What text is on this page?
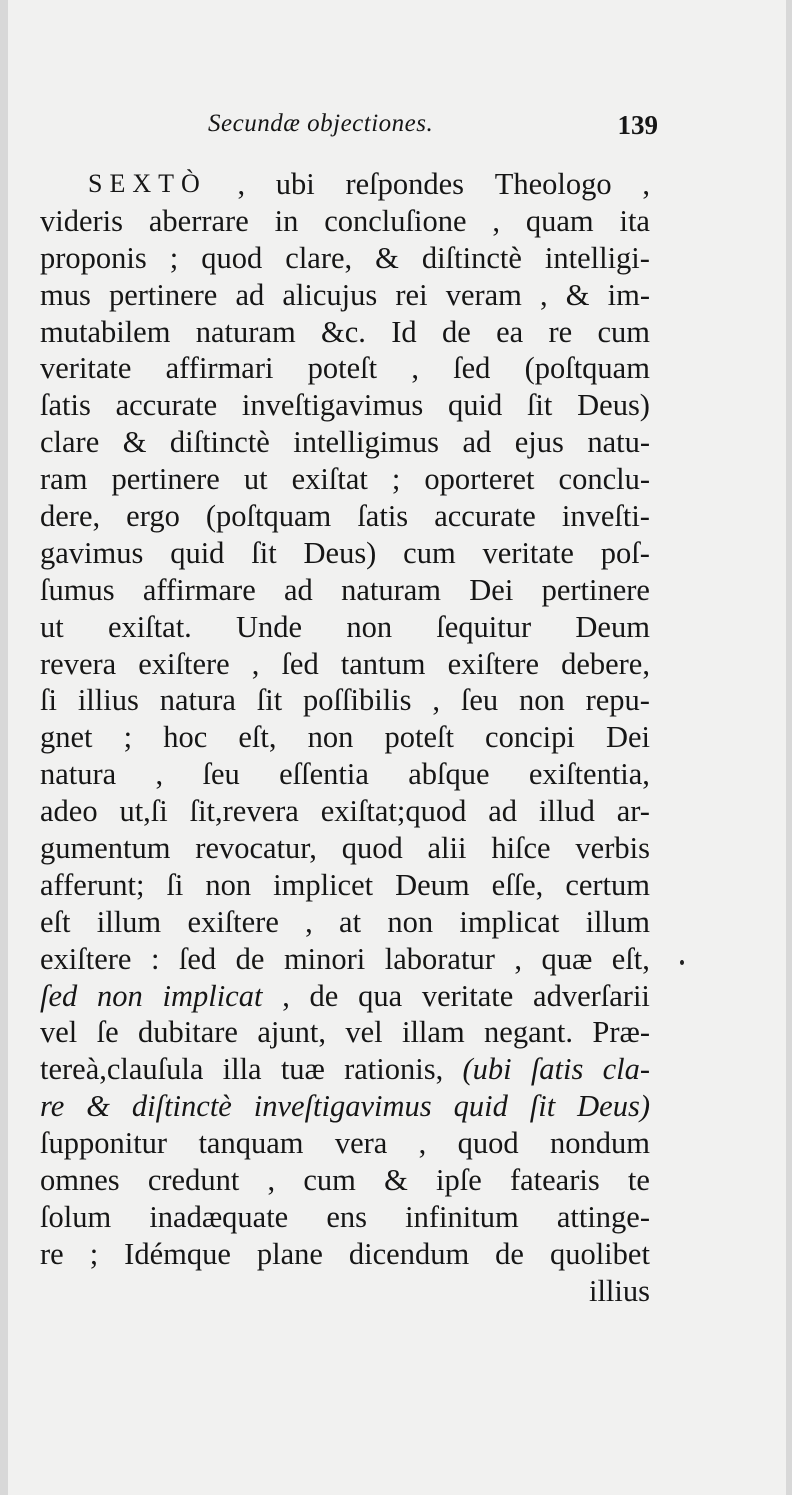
Secundæ objectiones.	139
SEXTÒ , ubi reſpondes Theologo ,
videris aberrare in concluſione , quam ita
proponis ; quod clare, & diſtinctè intelligi-
mus pertinere ad alicujus rei veram , & im-
mutabilem naturam &c. Id de ea re cum
veritate affirmari poteſt , ſed (poſtquam
ſatis accurate inveſtigavimus quid ſit Deus)
clare & diſtinctè intelligimus ad ejus natu-
ram pertinere ut exiſtat ; oporteret conclu-
dere, ergo (poſtquam ſatis accurate inveſti-
gavimus quid ſit Deus) cum veritate poſ-
ſumus affirmare ad naturam Dei pertinere
ut exiſtat. Unde non ſequitur Deum
revera exiſtere , ſed tantum exiſtere debere,
ſi illius natura ſit poſſibilis , ſeu non repu-
gnet ; hoc eſt, non poteſt concipi Dei
natura , ſeu eſſentia abſque exiſtentia,
adeo ut,ſi ſit,revera exiſtat;quod ad illud ar-
gumentum revocatur, quod alii hiſce verbis
afferunt; ſi non implicet Deum eſſe, certum
eſt illum exiſtere , at non implicat illum
exiſtere : ſed de minori laboratur , quæ eſt,
ſed non implicat , de qua veritate adverſarii
vel ſe dubitare ajunt, vel illam negant. Præ-
tereà,clauſula illa tuæ rationis, (ubi ſatis cla-
re & diſtinctè inveſtigavimus quid ſit Deus)
ſupponitur tanquam vera , quod nondum
omnes credunt , cum & ipſe fatearis te
ſolum inadæquate ens infinitum attinge-
re ; Idémque plane dicendum de quolibet
illius
